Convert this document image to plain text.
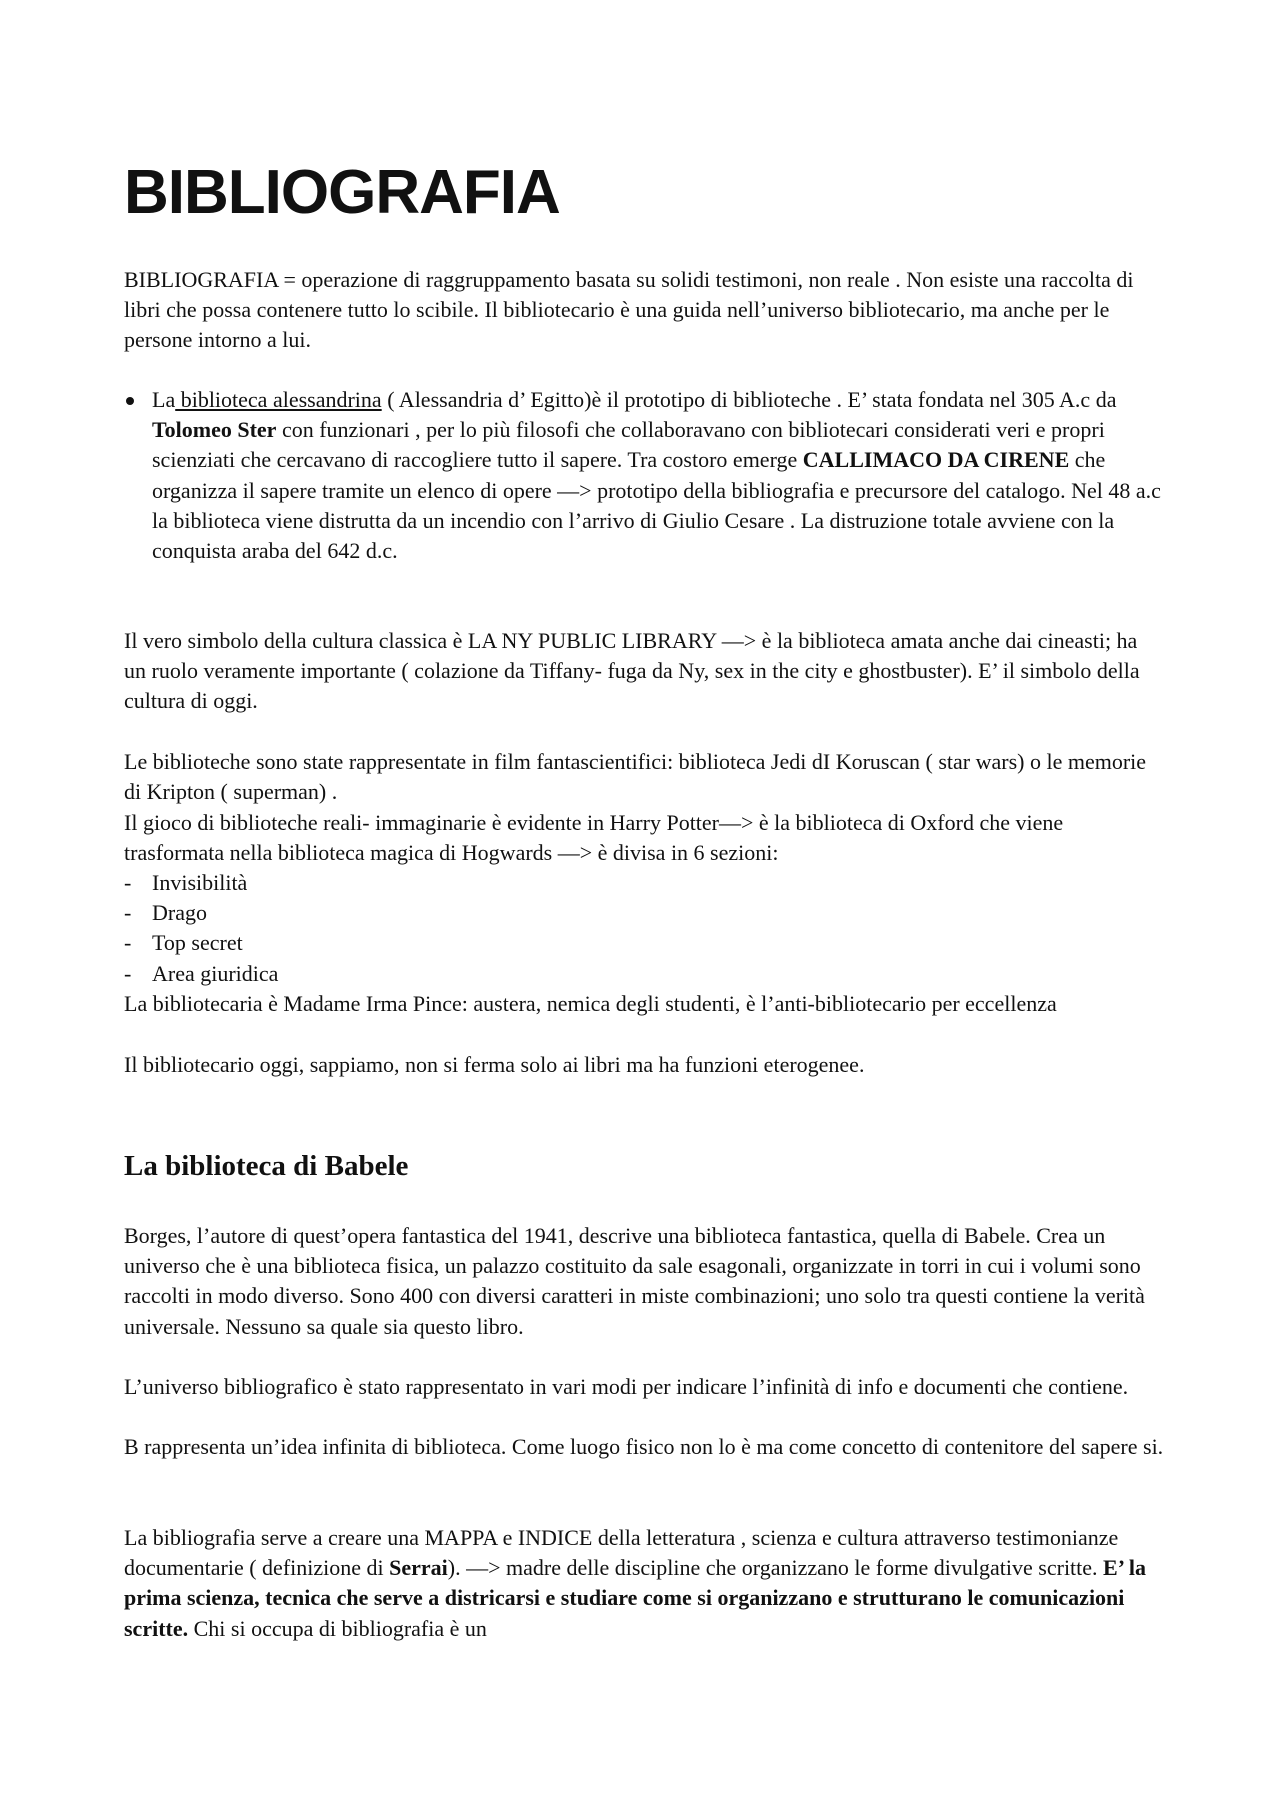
BIBLIOGRAFIA

BIBLIOGRAFIA = operazione di raggruppamento basata su solidi testimoni, non reale . Non esiste una raccolta di libri che possa contenere tutto lo scibile. Il bibliotecario è una guida nell’universo bibliotecario, ma anche per le persone intorno a lui.

La biblioteca alessandrina ( Alessandria d’ Egitto)è il prototipo di biblioteche . E’ stata fondata nel 305 A.c da Tolomeo Ster con funzionari , per lo più filosofi che collaboravano con bibliotecari considerati veri e propri scienziati che cercavano di raccogliere tutto il sapere. Tra costoro emerge CALLIMACO DA CIRENE che organizza il sapere tramite un elenco di opere —> prototipo della bibliografia e precursore del catalogo. Nel 48 a.c la biblioteca viene distrutta da un incendio con l’arrivo di Giulio Cesare . La distruzione totale avviene con la conquista araba del 642 d.c.

Il vero simbolo della cultura classica è LA NY PUBLIC LIBRARY —> è la biblioteca amata anche dai cineasti; ha un ruolo veramente importante ( colazione da Tiffany- fuga da Ny, sex in the city e ghostbuster). E’ il simbolo della cultura di oggi.

Le biblioteche sono state rappresentate in film fantascientifici: biblioteca Jedi dI Koruscan ( star wars) o le memorie di Kripton ( superman) .

Il gioco di biblioteche reali- immaginarie è evidente in Harry Potter—> è la biblioteca di Oxford che viene trasformata nella biblioteca magica di Hogwards —> è divisa in 6 sezioni:

- Invisibilità
- Drago
- Top secret
- Area giuridica

La bibliotecaria è Madame Irma Pince: austera, nemica degli studenti, è l’anti-bibliotecario per eccellenza

Il bibliotecario oggi, sappiamo, non si ferma solo ai libri ma ha funzioni eterogenee.

La biblioteca di Babele

Borges, l’autore di quest’opera fantastica del 1941, descrive una biblioteca fantastica, quella di Babele. Crea un universo che è una biblioteca fisica, un palazzo costituito da sale esagonali, organizzate in torri in cui i volumi sono raccolti in modo diverso. Sono 400 con diversi caratteri in miste combinazioni; uno solo tra questi contiene la verità universale. Nessuno sa quale sia questo libro.

L’universo bibliografico è stato rappresentato in vari modi per indicare l’infinità di info e documenti che contiene.

B rappresenta un’idea infinita di biblioteca. Come luogo fisico non lo è ma come concetto di contenitore del sapere si.

La bibliografia serve a creare una MAPPA e INDICE della letteratura , scienza e cultura attraverso testimonianze documentarie ( definizione di Serrai). —> madre delle discipline che organizzano le forme divulgative scritte. E’ la prima scienza, tecnica che serve a districarsi e studiare come si organizzano e strutturano le comunicazioni scritte. Chi si occupa di bibliografia è un
